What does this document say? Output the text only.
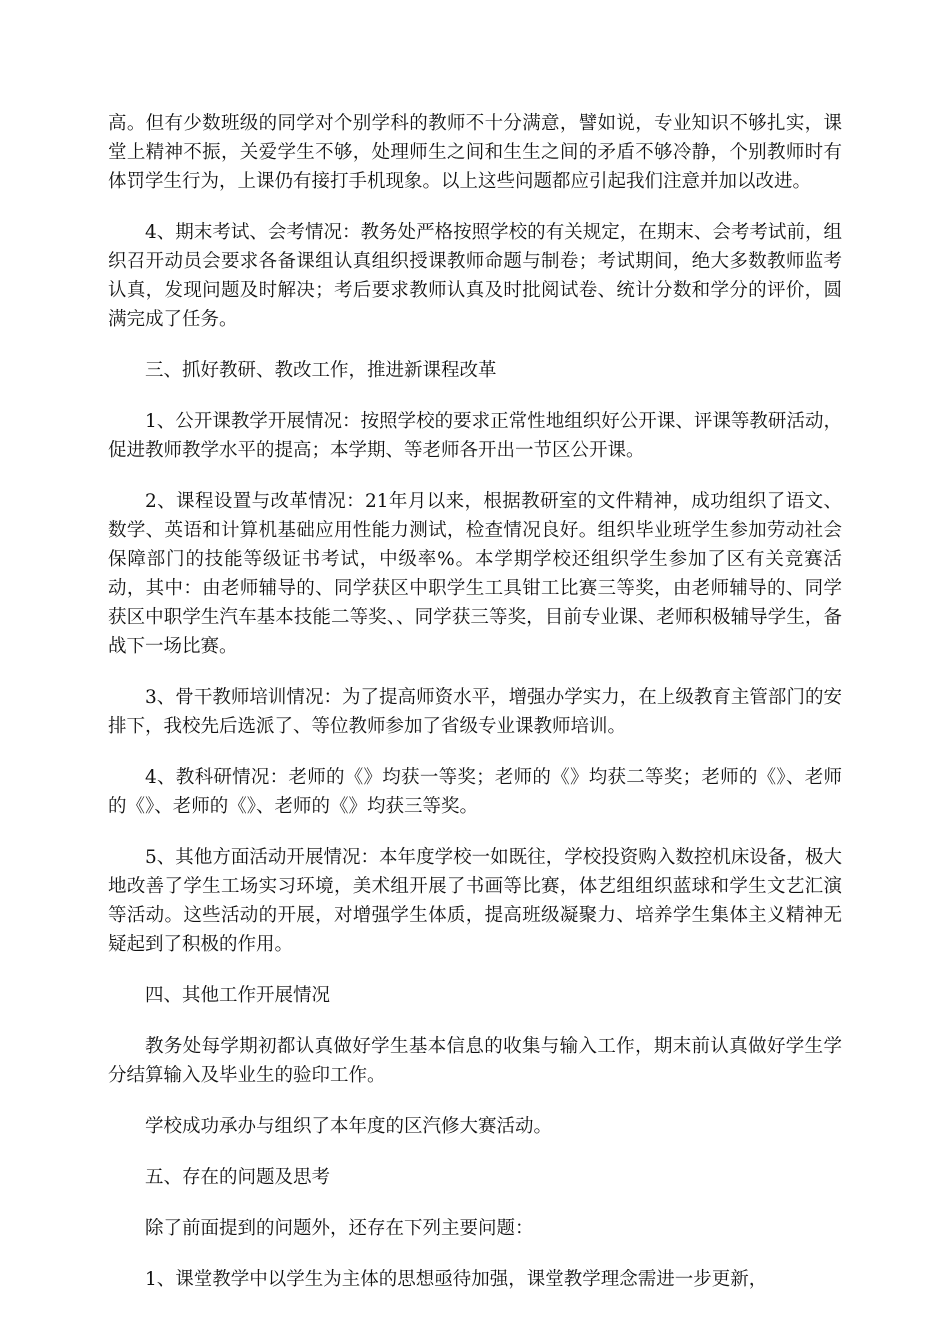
高。但有少数班级的同学对个别学科的教师不十分满意，譬如说，专业知识不够扎实，课堂上精神不振，关爱学生不够，处理师生之间和生生之间的矛盾不够冷静，个别教师时有体罚学生行为，上课仍有接打手机现象。以上这些问题都应引起我们注意并加以改进。

4、期末考试、会考情况：教务处严格按照学校的有关规定，在期末、会考考试前，组织召开动员会要求各备课组认真组织授课教师命题与制卷；考试期间，绝大多数教师监考认真，发现问题及时解决；考后要求教师认真及时批阅试卷、统计分数和学分的评价，圆满完成了任务。

三、抓好教研、教改工作，推进新课程改革

1、公开课教学开展情况：按照学校的要求正常性地组织好公开课、评课等教研活动，促进教师教学水平的提高；本学期、等老师各开出一节区公开课。

2、课程设置与改革情况：21年月以来，根据教研室的文件精神，成功组织了语文、数学、英语和计算机基础应用性能力测试，检查情况良好。组织毕业班学生参加劳动社会保障部门的技能等级证书考试，中级率%。本学期学校还组织学生参加了区有关竞赛活动，其中：由老师辅导的、同学获区中职学生工具钳工比赛三等奖，由老师辅导的、同学获区中职学生汽车基本技能二等奖、、同学获三等奖，目前专业课、老师积极辅导学生，备战下一场比赛。

3、骨干教师培训情况：为了提高师资水平，增强办学实力，在上级教育主管部门的安排下，我校先后选派了、等位教师参加了省级专业课教师培训。

4、教科研情况：老师的《》均获一等奖；老师的《》均获二等奖；老师的《》、老师的《》、老师的《》、老师的《》均获三等奖。

5、其他方面活动开展情况：本年度学校一如既往，学校投资购入数控机床设备，极大地改善了学生工场实习环境，美术组开展了书画等比赛，体艺组组织蓝球和学生文艺汇演等活动。这些活动的开展，对增强学生体质，提高班级凝聚力、培养学生集体主义精神无疑起到了积极的作用。

四、其他工作开展情况

教务处每学期初都认真做好学生基本信息的收集与输入工作，期末前认真做好学生学分结算输入及毕业生的验印工作。

学校成功承办与组织了本年度的区汽修大赛活动。

五、存在的问题及思考

除了前面提到的问题外，还存在下列主要问题：

1、课堂教学中以学生为主体的思想亟待加强，课堂教学理念需进一步更新，
